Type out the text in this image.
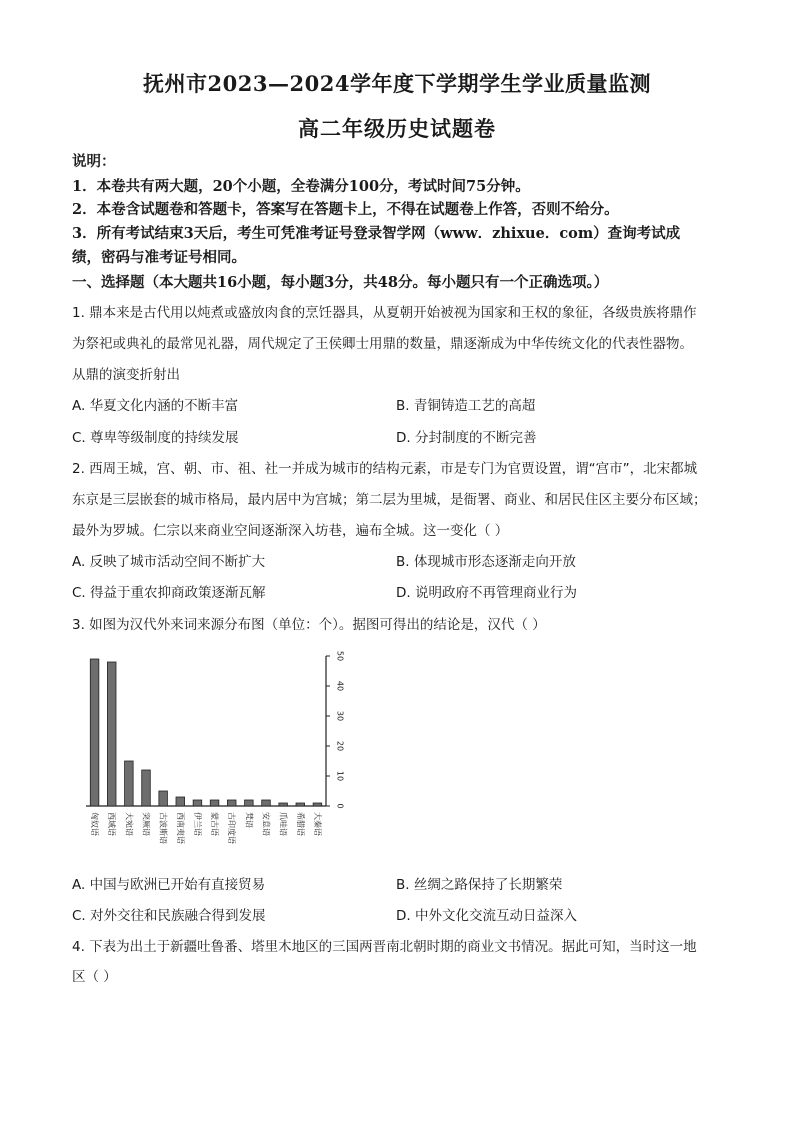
抚州市2023—2024学年度下学期学生学业质量监测
高二年级历史试题卷
说明：
1．本卷共有两大题，20个小题，全卷满分100分，考试时间75分钟。
2．本卷含试题卷和答题卡，答案写在答题卡上，不得在试题卷上作答，否则不给分。
3．所有考试结束3天后，考生可凭准考证号登录智学网（www．zhixue．com）查询考试成
绩，密码与准考证号相同。
一、选择题（本大题共16小题，每小题3分，共48分。每小题只有一个正确选项。）
1. 鼎本来是古代用以炖煮或盛放肉食的烹饪器具，从夏朝开始被视为国家和王权的象征，各级贵族将鼎作
为祭祀或典礼的最常见礼器，周代规定了王侯卿士用鼎的数量，鼎逐渐成为中华传统文化的代表性器物。
从鼎的演变折射出
A. 华夏文化内涵的不断丰富	B. 青铜铸造工艺的高超
C. 尊卑等级制度的持续发展	D. 分封制度的不断完善
2. 西周王城，宫、朝、市、祖、社一并成为城市的结构元素，市是专门为官贾设置，谓“宫市”，北宋都城
东京是三层嵌套的城市格局，最内居中为宫城；第二层为里城，是衙署、商业、和居民住区主要分布区域；
最外为罗城。仁宗以来商业空间逐渐深入坊巷，遍布全城。这一变化（ ）
A. 反映了城市活动空间不断扩大	B. 体现城市形态逐渐走向开放
C. 得益于重农抑商政策逐渐瓦解	D. 说明政府不再管理商业行为
3. 如图为汉代外来词来源分布图（单位：个）。据图可得出的结论是，汉代（ ）
0
10
20
30
40
50
匈奴语 西域语 大宛语 突厥语 古波斯语 西南夷语 伊兰语 蒙古语 古印度语 梵语 安息语 爪哇语 希腊语 大秦语
A. 中国与欧洲已开始有直接贸易	B. 丝绸之路保持了长期繁荣
C. 对外交往和民族融合得到发展	D. 中外文化交流互动日益深入
4. 下表为出土于新疆吐鲁番、塔里木地区的三国两晋南北朝时期的商业文书情况。据此可知，当时这一地
区（ ）
